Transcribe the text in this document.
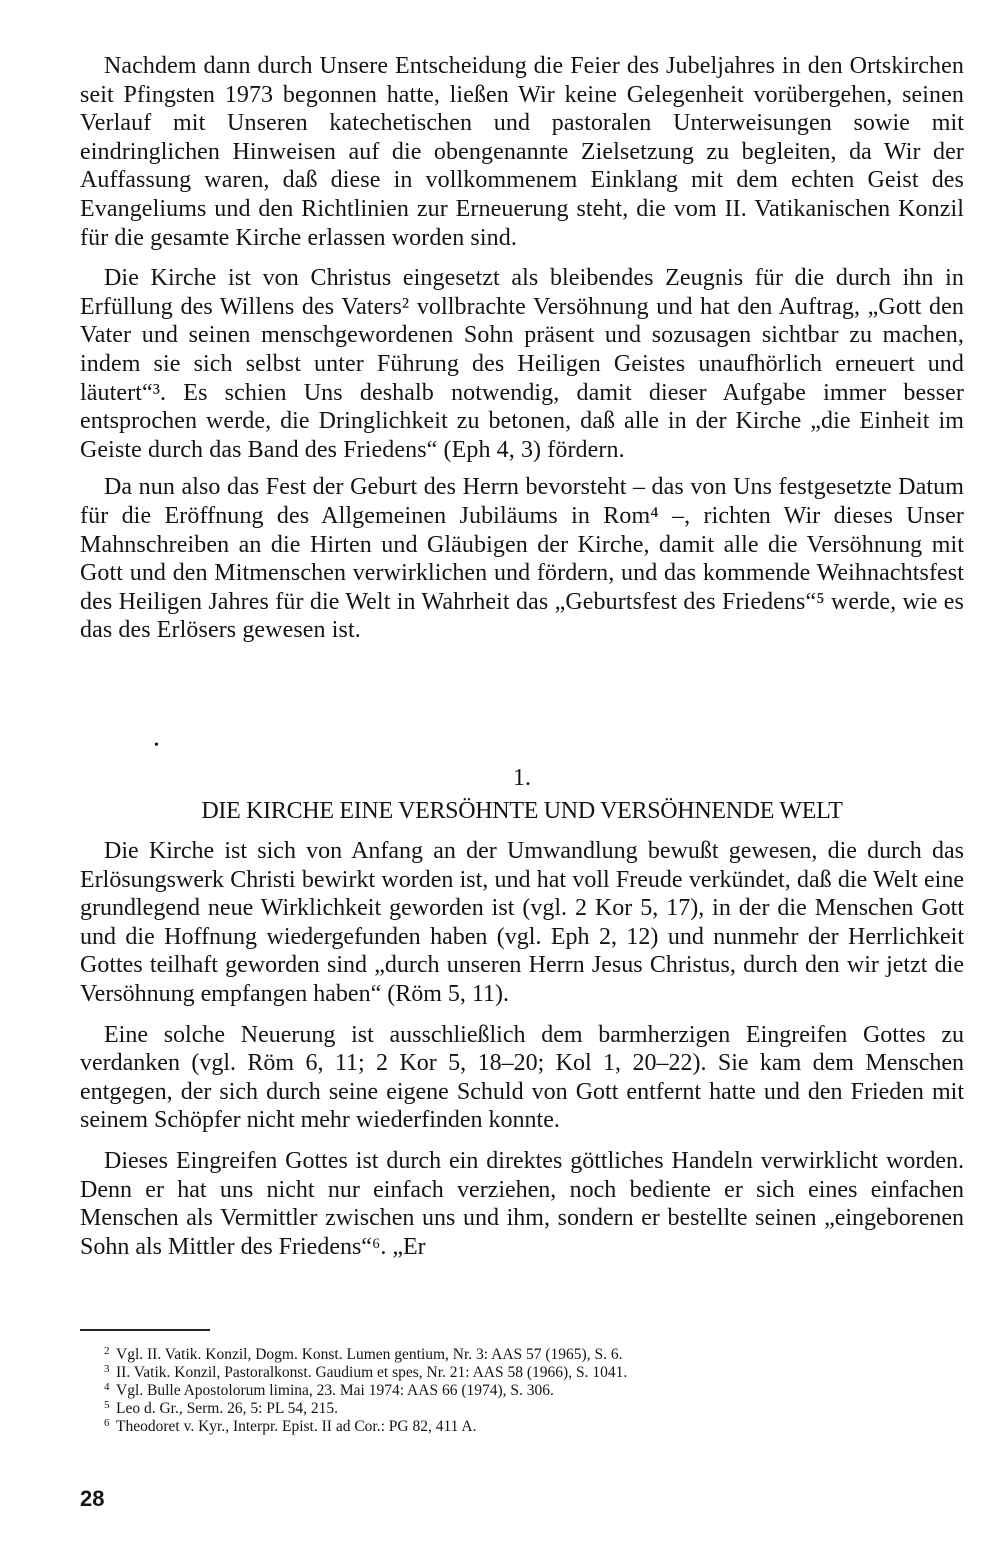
Nachdem dann durch Unsere Entscheidung die Feier des Jubeljahres in den Ortskirchen seit Pfingsten 1973 begonnen hatte, ließen Wir keine Gelegenheit vorübergehen, seinen Verlauf mit Unseren katechetischen und pastoralen Unterweisungen sowie mit eindringlichen Hinweisen auf die obengenannte Zielsetzung zu begleiten, da Wir der Auffassung waren, daß diese in vollkommenem Einklang mit dem echten Geist des Evangeliums und den Richtlinien zur Erneuerung steht, die vom II. Vatikanischen Konzil für die gesamte Kirche erlassen worden sind.

Die Kirche ist von Christus eingesetzt als bleibendes Zeugnis für die durch ihn in Erfüllung des Willens des Vaters² vollbrachte Versöhnung und hat den Auftrag, „Gott den Vater und seinen menschgewordenen Sohn präsent und sozusagen sichtbar zu machen, indem sie sich selbst unter Führung des Heiligen Geistes unaufhörlich erneuert und läutert“³. Es schien Uns deshalb notwendig, damit dieser Aufgabe immer besser entsprochen werde, die Dringlichkeit zu betonen, daß alle in der Kirche „die Einheit im Geiste durch das Band des Friedens“ (Eph 4, 3) fördern.

Da nun also das Fest der Geburt des Herrn bevorsteht – das von Uns festgesetzte Datum für die Eröffnung des Allgemeinen Jubiläums in Rom⁴ –, richten Wir dieses Unser Mahnschreiben an die Hirten und Gläubigen der Kirche, damit alle die Versöhnung mit Gott und den Mitmenschen verwirklichen und fördern, und das kommende Weihnachtsfest des Heiligen Jahres für die Welt in Wahrheit das „Geburtsfest des Friedens“⁵ werde, wie es das des Erlösers gewesen ist.

•
1.
DIE KIRCHE EINE VERSÖHNTE UND VERSÖHNENDE WELT

Die Kirche ist sich von Anfang an der Umwandlung bewußt gewesen, die durch das Erlösungswerk Christi bewirkt worden ist, und hat voll Freude verkündet, daß die Welt eine grundlegend neue Wirklichkeit geworden ist (vgl. 2 Kor 5, 17), in der die Menschen Gott und die Hoffnung wiedergefunden haben (vgl. Eph 2, 12) und nunmehr der Herrlichkeit Gottes teilhaft geworden sind „durch unseren Herrn Jesus Christus, durch den wir jetzt die Versöhnung empfangen haben“ (Röm 5, 11).

Eine solche Neuerung ist ausschließlich dem barmherzigen Eingreifen Gottes zu verdanken (vgl. Röm 6, 11; 2 Kor 5, 18–20; Kol 1, 20–22). Sie kam dem Menschen entgegen, der sich durch seine eigene Schuld von Gott entfernt hatte und den Frieden mit seinem Schöpfer nicht mehr wiederfinden konnte.

Dieses Eingreifen Gottes ist durch ein direktes göttliches Handeln verwirklicht worden. Denn er hat uns nicht nur einfach verziehen, noch bediente er sich eines einfachen Menschen als Vermittler zwischen uns und ihm, sondern er bestellte seinen „eingeborenen Sohn als Mittler des Friedens“⁶. „Er

2 Vgl. II. Vatik. Konzil, Dogm. Konst. Lumen gentium, Nr. 3: AAS 57 (1965), S. 6.
3 II. Vatik. Konzil, Pastoralkonst. Gaudium et spes, Nr. 21: AAS 58 (1966), S. 1041.
4 Vgl. Bulle Apostolorum limina, 23. Mai 1974: AAS 66 (1974), S. 306.
5 Leo d. Gr., Serm. 26, 5: PL 54, 215.
6 Theodoret v. Kyr., Interpr. Epist. II ad Cor.: PG 82, 411 A.
28
